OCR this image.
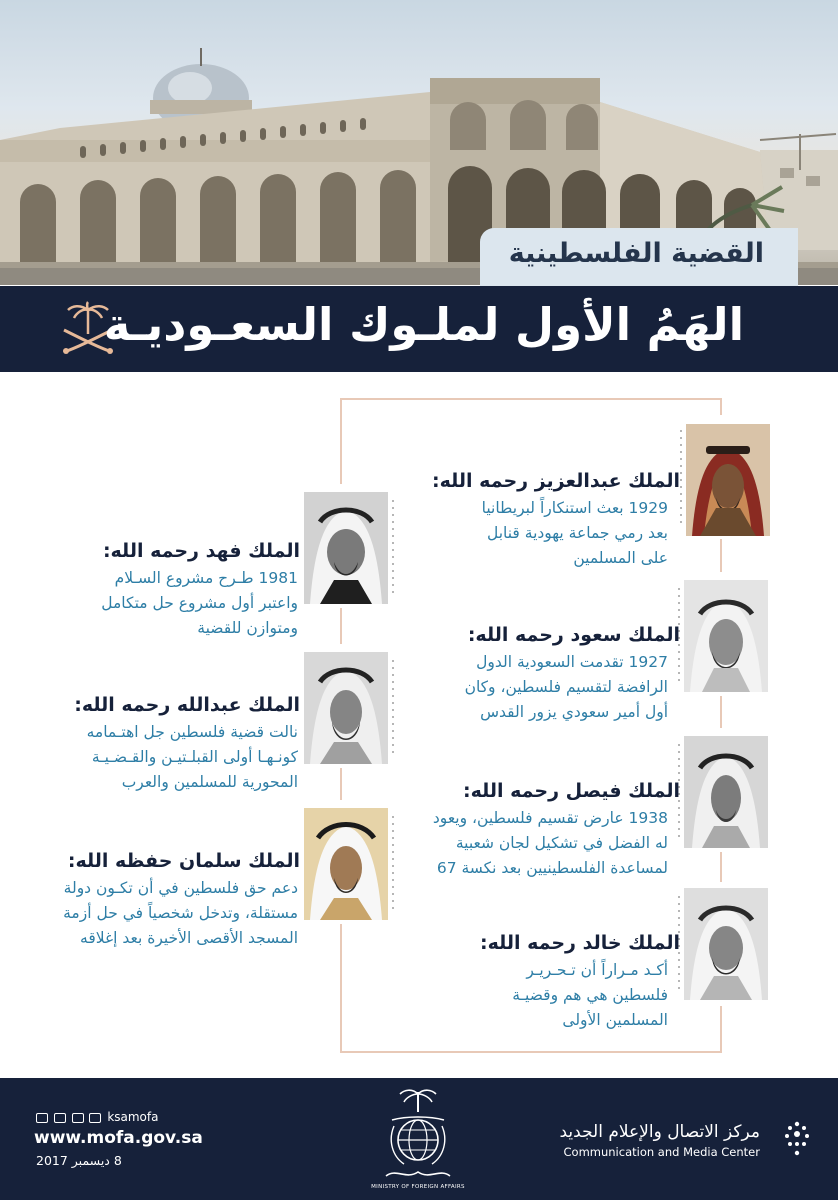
القضية الفلسطينية
الهَمُ الأول لملـوك السعـوديـة
الملك عبدالعزيز رحمه الله:
1929 بعث استنكاراً لبريطانيا
بعد رمي جماعة يهودية قنابل
على المسلمين
الملك سعود رحمه الله:
1927 تقدمت السعودية الدول
الرافضة لتقسيم فلسطين، وكان
أول أمير سعودي يزور القدس
الملك فيصل رحمه الله:
1938 عارض تقسيم فلسطين، ويعود
له الفضل في تشكيل لجان شعبية
لمساعدة الفلسطينيين بعد نكسة 67
الملك خالد رحمه الله:
أكـد مـراراً أن تـحـريـر
فلسطين هي هم وقضيـة
المسلمين الأولى
الملك فهد رحمه الله:
1981 طـرح مشروع السـلام
واعتبر أول مشروع حل متكامل
ومتوازن للقضية
الملك عبدالله رحمه الله:
نالت قضية فلسطين جل اهتـمامه
كونـهـا أولى القبلـتيـن والقـضـيـة
المحورية للمسلمين والعرب
الملك سلمان حفظه الله:
دعم حق فلسطين في أن تكـون دولة
مستقلة، وتدخل شخصياً في حل أزمة
المسجد الأقصى الأخيرة بعد إغلاقه
ksamofa
www.mofa.gov.sa
8 ديسمبر 2017
MINISTRY OF FOREIGN AFFAIRS
مركز الاتصال والإعلام الجديد
Communication and Media Center
